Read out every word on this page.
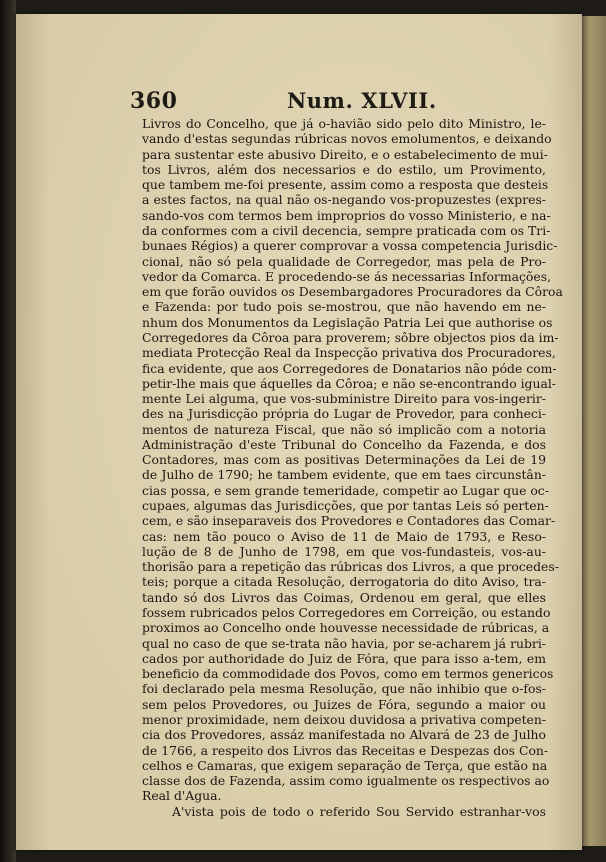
360	Num. XLVII.
Livros do Concelho, que já o-havião sido pelo dito Ministro, le-
vando d'estas segundas rúbricas novos emolumentos, e deixando
para sustentar este abusivo Direito, e o estabelecimento de mui-
tos Livros, além dos necessarios e do estilo, um Provimento,
que tambem me-foi presente, assim como a resposta que desteis
a estes factos, na qual não os-negando vos-propuzestes (expres-
sando-vos com termos bem improprios do vosso Ministerio, e na-
da conformes com a civil decencia, sempre praticada com os Tri-
bunaes Régios) a querer comprovar a vossa competencia Jurisdic-
cional, não só pela qualidade de Corregedor, mas pela de Pro-
vedor da Comarca. E procedendo-se ás necessarias Informações,
em que forão ouvidos os Desembargadores Procuradores da Côroa
e Fazenda: por tudo pois se-mostrou, que não havendo em ne-
nhum dos Monumentos da Legislação Patria Lei que authorise os
Corregedores da Côroa para proverem; sôbre objectos pios da im-
mediata Protecção Real da Inspecção privativa dos Procuradores,
fica evidente, que aos Corregedores de Donatarios não póde com-
petir-lhe mais que áquelles da Côroa; e não se-encontrando igual-
mente Lei alguma, que vos-subministre Direito para vos-ingerir-
des na Jurisdicção própria do Lugar de Provedor, para conheci-
mentos de natureza Fiscal, que não só implicão com a notoria
Administração d'este Tribunal do Concelho da Fazenda, e dos
Contadores, mas com as positivas Determinações da Lei de 19
de Julho de 1790; he tambem evidente, que em taes circunstân-
cias possa, e sem grande temeridade, competir ao Lugar que oc-
cupaes, algumas das Jurisdicções, que por tantas Leis só perten-
cem, e são inseparaveis dos Provedores e Contadores das Comar-
cas: nem tão pouco o Aviso de 11 de Maio de 1793, e Reso-
lução de 8 de Junho de 1798, em que vos-fundasteis, vos-au-
thorisão para a repetição das rúbricas dos Livros, a que procedes-
teis; porque a citada Resolução, derrogatoria do dito Aviso, tra-
tando só dos Livros das Coimas, Ordenou em geral, que elles
fossem rubricados pelos Corregedores em Correição, ou estando
proximos ao Concelho onde houvesse necessidade de rúbricas, a
qual no caso de que se-trata não havia, por se-acharem já rubri-
cados por authoridade do Juiz de Fóra, que para isso a-tem, em
beneficio da commodidade dos Povos, como em termos genericos
foi declarado pela mesma Resolução, que não inhibio que o-fos-
sem pelos Provedores, ou Juizes de Fóra, segundo a maior ou
menor proximidade, nem deixou duvidosa a privativa competen-
cia dos Provedores, assáz manifestada no Alvará de 23 de Julho
de 1766, a respeito dos Livros das Receitas e Despezas dos Con-
celhos e Camaras, que exigem separação de Terça, que estão na
classe dos de Fazenda, assim como igualmente os respectivos ao
Real d'Agua.
A'vista pois de todo o referido Sou Servido estranhar-vos
